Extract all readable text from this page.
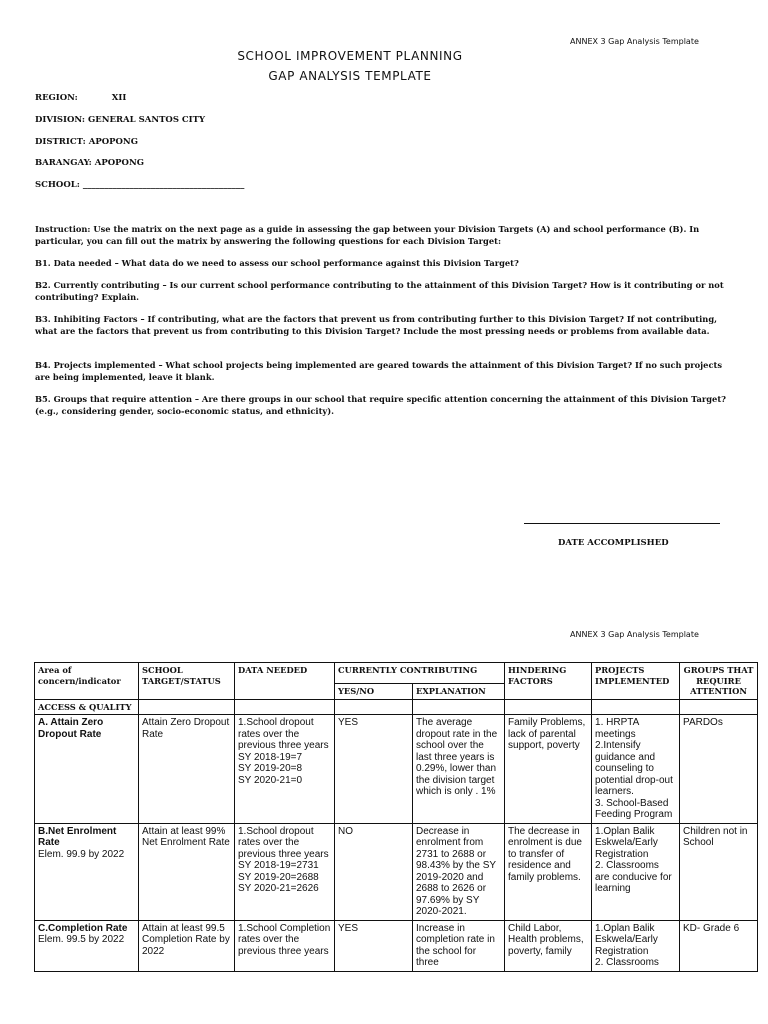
ANNEX 3 Gap Analysis Template
SCHOOL IMPROVEMENT PLANNING
GAP ANALYSIS TEMPLATE
REGION:	XII
DIVISION: GENERAL SANTOS CITY
DISTRICT: APOPONG
BARANGAY: APOPONG
SCHOOL: ______________________________________
Instruction: Use the matrix on the next page as a guide in assessing the gap between your Division Targets (A) and school performance (B). In particular, you can fill out the matrix by answering the following questions for each Division Target:
B1. Data needed – What data do we need to assess our school performance against this Division Target?
B2. Currently contributing – Is our current school performance contributing to the attainment of this Division Target? How is it contributing or not contributing? Explain.
B3. Inhibiting Factors – If contributing, what are the factors that prevent us from contributing further to this Division Target? If not contributing, what are the factors that prevent us from contributing to this Division Target? Include the most pressing needs or problems from available data.
B4. Projects implemented – What school projects being implemented are geared towards the attainment of this Division Target? If no such projects are being implemented, leave it blank.
B5. Groups that require attention – Are there groups in our school that require specific attention concerning the attainment of this Division Target? (e.g., considering gender, socio-economic status, and ethnicity).
DATE ACCOMPLISHED
ANNEX 3 Gap Analysis Template
Area of concern/indicator	SCHOOL TARGET/STATUS	DATA NEEDED	CURRENTLY CONTRIBUTING		HINDERING FACTORS	PROJECTS IMPLEMENTED	GROUPS THAT REQUIRE ATTENTION
			YES/NO	EXPLANATION			
ACCESS & QUALITY							

A. Attain Zero Dropout Rate	Attain Zero Dropout Rate	1.School dropout rates over the previous three years
SY 2018-19=7
SY 2019-20=8
SY 2020-21=0	YES	The average dropout rate in the school over the last three years is 0.29%, lower than the division target which is only . 1%	Family Problems, lack of parental support, poverty	1. HRPTA meetings
2.Intensify guidance and counseling to potential drop-out learners.
3. School-Based Feeding Program	PARDOs

B.Net Enrolment Rate
Elem. 99.9 by 2022	Attain at least 99% Net Enrolment Rate	1.School dropout rates over the previous three years
SY 2018-19=2731
SY 2019-20=2688
SY 2020-21=2626	NO	Decrease in enrolment from 2731 to 2688 or 98.43% by the SY 2019-2020 and 2688 to 2626 or 97.69% by SY 2020-2021.	The decrease in enrolment is due to transfer of residence and family problems.	1.Oplan Balik Eskwela/Early Registration
2. Classrooms are conducive for learning	Children not in School

C.Completion Rate
Elem. 99.5 by 2022	Attain at least 99.5 Completion Rate by 2022	1.School Completion rates over the previous three years	YES	Increase in completion rate in the school for three	Child Labor, Health problems, poverty, family	1.Oplan Balik Eskwela/Early Registration
2. Classrooms	KD- Grade 6
